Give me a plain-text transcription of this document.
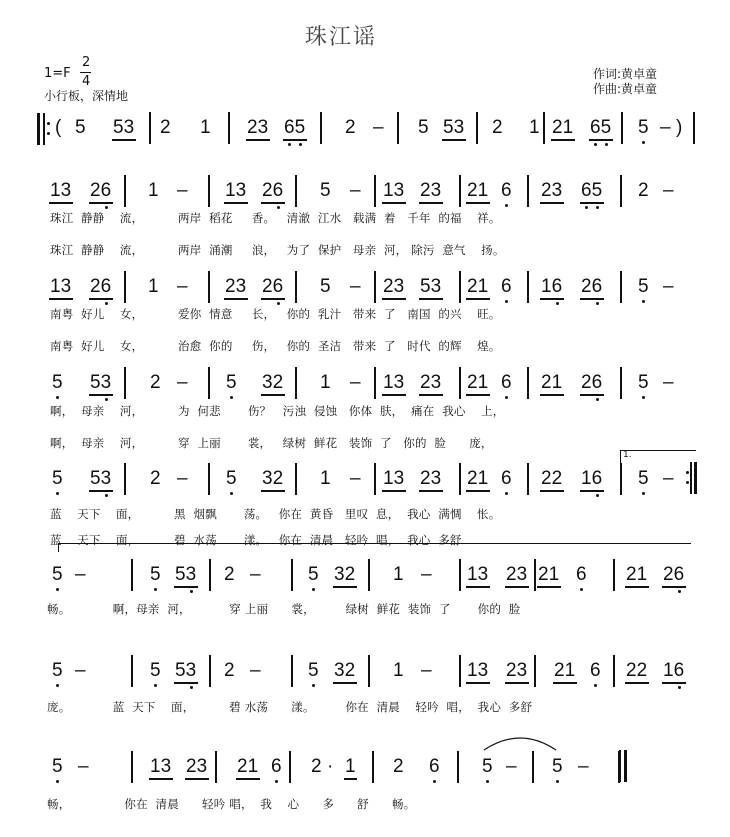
珠江谣
1=F
2
4
小行板，深情地
作词:黄卓童
作曲:黄卓童
珠江  静静    流，         两岸  稻花     香。   清澈  江水   载满  着   千年  的福    祥。
珠江  静静    流，         两岸  涌潮     浪，   为了  保护   母亲  河， 除污  意气    扬。
南粤  好儿    女，         爱你  情意     长，   你的  乳汁   带来  了   南国  的兴    旺。
南粤  好儿    女，         治愈  你的     伤，   你的  圣洁   带来  了   时代  的辉    煌。
啊，  母亲    河，         为  何悲       伤？   污浊  侵蚀   你体  肤，  痛在  我心    上，
啊，  母亲    河，         穿  上丽       裳，   绿树  鲜花   装饰  了   你的  脸      庞，
蓝    天下    面，         黑  烟飘       荡。   你在  黄昏   里叹  息，  我心  满惆    怅。
蓝    天下    面，         碧  水荡       漾。   你在  清晨   轻吟  唱，  我心  多舒
畅。           啊，母亲  河，          穿 上丽      裳，        绿树  鲜花  装饰  了       你的  脸
庞。           蓝  天下    面，         碧 水荡      漾。        你在  清晨    轻吟  唱，  我心  多舒
畅，              你在  清晨      轻吟 唱，  我    心      多      舒      畅。
1.
( 5 53 2 1 23 65 2 – 5 53 2 1 21 65 5 – )
13 26 1 – 13 26 5 – 13 23 21 6 23 65 2 –
13 26 1 – 23 26 5 – 23 53 21 6 16 26 5 –
5 53 2 – 5 32 1 – 13 23 21 6 21 26 5 –
5 53 2 – 5 32 1 – 13 23 21 6 22 16 5 –
5 –	5 53 2 – 5 32 1 – 13 23 21 6 21 26
5 –	5 53 2 – 5 32 1 – 13 23 21 6 22 16
5 –	13 23 21 6 2 · 1 2 6 5 – 5 –
